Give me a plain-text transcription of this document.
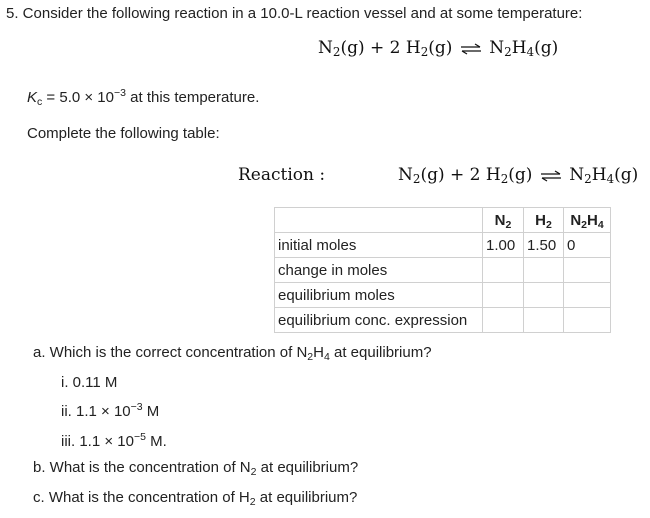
5. Consider the following reaction in a 10.0-L reaction vessel and at some temperature:
$N_2(g) + 2$ $H_2(g)$ ⇌ $N_2H_4(g)$
$K_c = 5.0 \times 10^{-3}$ at this temperature.
Complete the following table:
Reaction :	$N_2(g) + 2$ $H_2(g)$ ⇌ $N_2H_4(g)$
	$N_2$	$H_2$	$N_2H_4$
initial moles	1.00	1.50	0
change in moles			
equilibrium moles			
equilibrium conc. expression			
a. Which is the correct concentration of $N_2H_4$ at equilibrium?
i. 0.11 M
ii. $1.1 \times 10^{-3}$ M
iii. $1.1 \times 10^{-5}$ M.
b. What is the concentration of $N_2$ at equilibrium?
c. What is the concentration of $H_2$ at equilibrium?
